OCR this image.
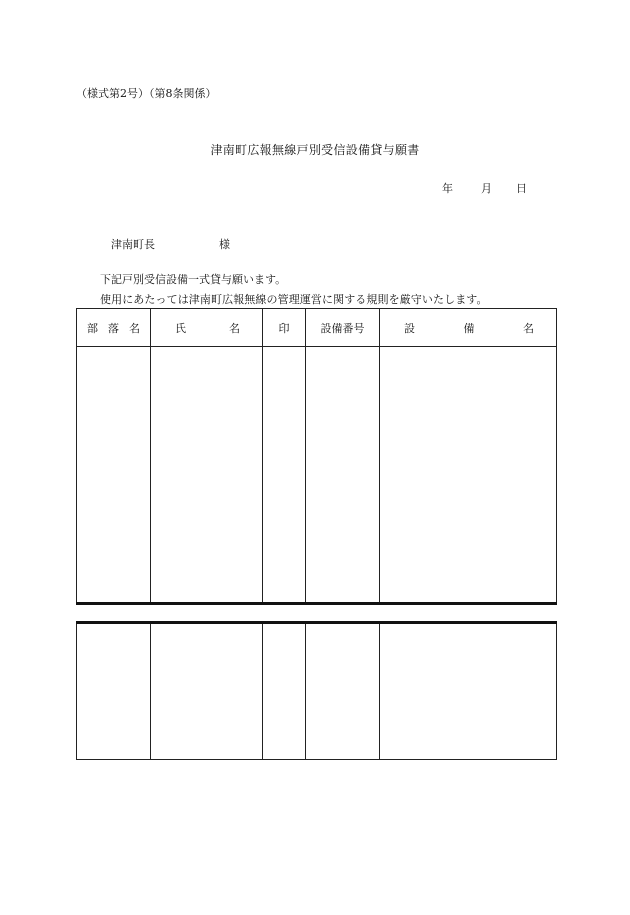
（様式第2号）（第8条関係）
津南町広報無線戸別受信設備貸与願書
年	月 日
津南町長	様
下記戸別受信設備一式貸与願います。
使用にあたっては津南町広報無線の管理運営に関する規則を厳守いたします。
部 落 名	氏 名	印	設備番号	設 備 名
